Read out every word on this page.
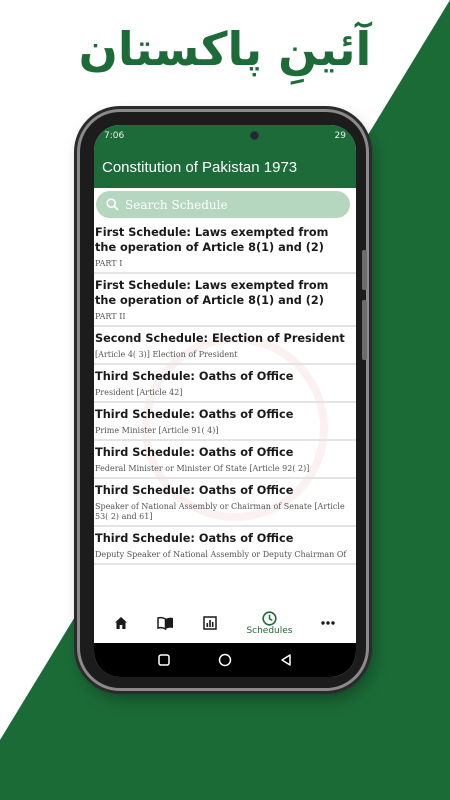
آئینِ پاکستان
7:06	29
Constitution of Pakistan 1973
Search Schedule
First Schedule: Laws exempted from the operation of Article 8(1) and (2)
PART I
First Schedule: Laws exempted from the operation of Article 8(1) and (2)
PART II
Second Schedule: Election of President
[Article 4( 3)] Election of President
Third Schedule: Oaths of Office
President [Article 42]
Third Schedule: Oaths of Office
Prime Minister [Article 91( 4)]
Third Schedule: Oaths of Office
Federal Minister or Minister Of State [Article 92( 2)]
Third Schedule: Oaths of Office
Speaker of National Assembly or Chairman of Senate [Article 53( 2) and 61]
Third Schedule: Oaths of Office
Deputy Speaker of National Assembly or Deputy Chairman Of
Schedules
